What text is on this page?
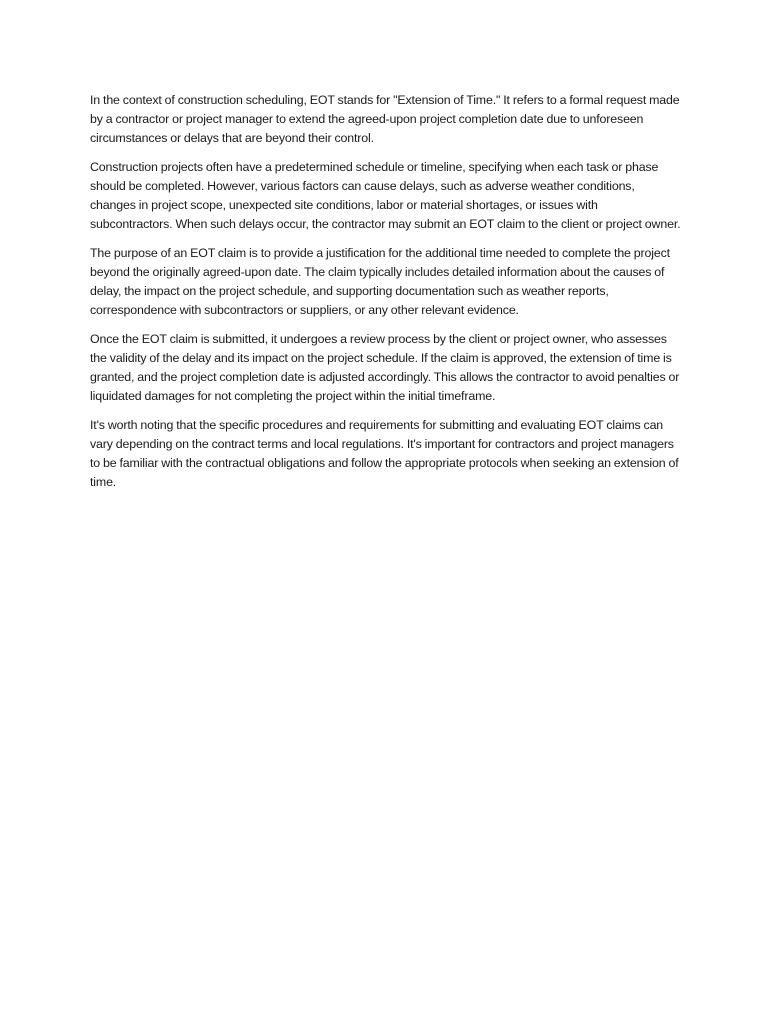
In the context of construction scheduling, EOT stands for "Extension of Time." It refers to a formal request made by a contractor or project manager to extend the agreed-upon project completion date due to unforeseen circumstances or delays that are beyond their control.

Construction projects often have a predetermined schedule or timeline, specifying when each task or phase should be completed. However, various factors can cause delays, such as adverse weather conditions, changes in project scope, unexpected site conditions, labor or material shortages, or issues with subcontractors. When such delays occur, the contractor may submit an EOT claim to the client or project owner.

The purpose of an EOT claim is to provide a justification for the additional time needed to complete the project beyond the originally agreed-upon date. The claim typically includes detailed information about the causes of delay, the impact on the project schedule, and supporting documentation such as weather reports, correspondence with subcontractors or suppliers, or any other relevant evidence.

Once the EOT claim is submitted, it undergoes a review process by the client or project owner, who assesses the validity of the delay and its impact on the project schedule. If the claim is approved, the extension of time is granted, and the project completion date is adjusted accordingly. This allows the contractor to avoid penalties or liquidated damages for not completing the project within the initial timeframe.

It's worth noting that the specific procedures and requirements for submitting and evaluating EOT claims can vary depending on the contract terms and local regulations. It's important for contractors and project managers to be familiar with the contractual obligations and follow the appropriate protocols when seeking an extension of time.
